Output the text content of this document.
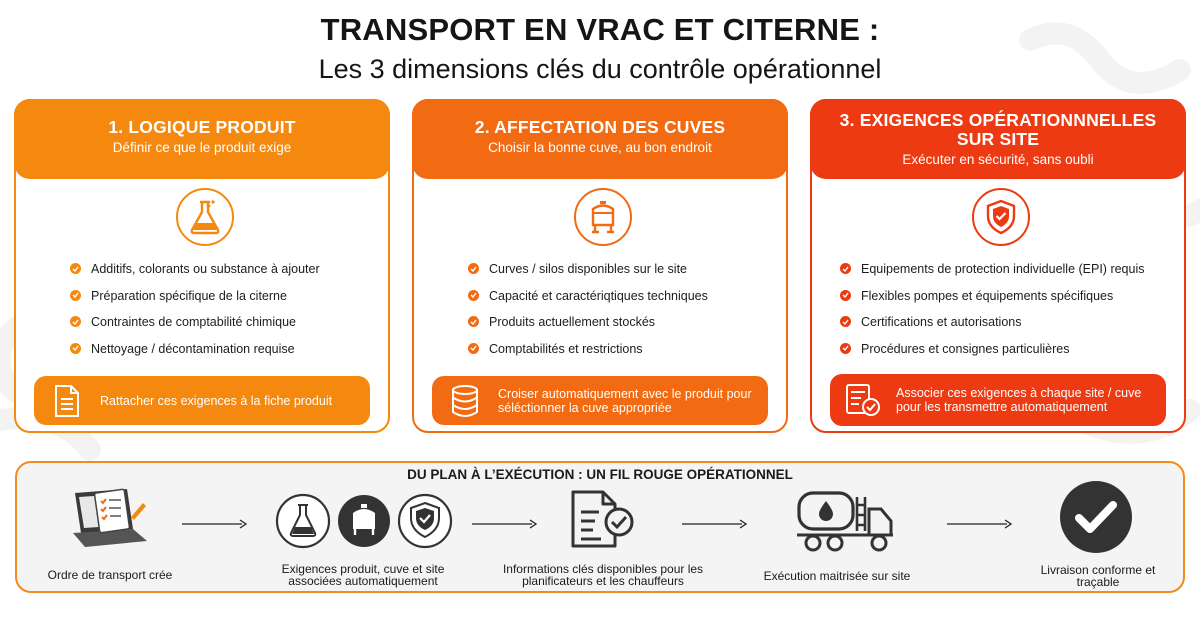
TRANSPORT EN VRAC ET CITERNE :
Les 3 dimensions clés du contrôle opérationnel
1. LOGIQUE PRODUIT
Définir ce que le produit exige
Additifs, colorants ou substance à ajouter
Préparation spécifique de la citerne
Contraintes de comptabilité chimique
Nettoyage / décontamination requise
Rattacher ces exigences à la fiche produit
2. AFFECTATION DES CUVES
Choisir la bonne cuve, au bon endroit
Curves / silos disponibles sur le site
Capacité et caractériqtiques techniques
Produits actuellement stockés
Comptabilités et restrictions
Croiser automatiquement avec le produit pour séléctionner la cuve appropriée
3. EXIGENCES OPÉRATIONNNELLES
SUR SITE
Exécuter en sécurité, sans oubli
Equipements de protection individuelle (EPI) requis
Flexibles pompes et équipements spécifiques
Certifications et autorisations
Procédures et consignes particulières
Associer ces exigences à chaque site / cuve pour les transmettre automatiquement
DU PLAN À L’EXÉCUTION : UN FIL ROUGE OPÉRATIONNEL
Ordre de transport crée	Exigences produit, cuve et site associées automatiquement
Informations clés disponibles pour les planificateurs et les chauffeurs	Exécution maitrisée sur site	Livraison conforme et traçable
